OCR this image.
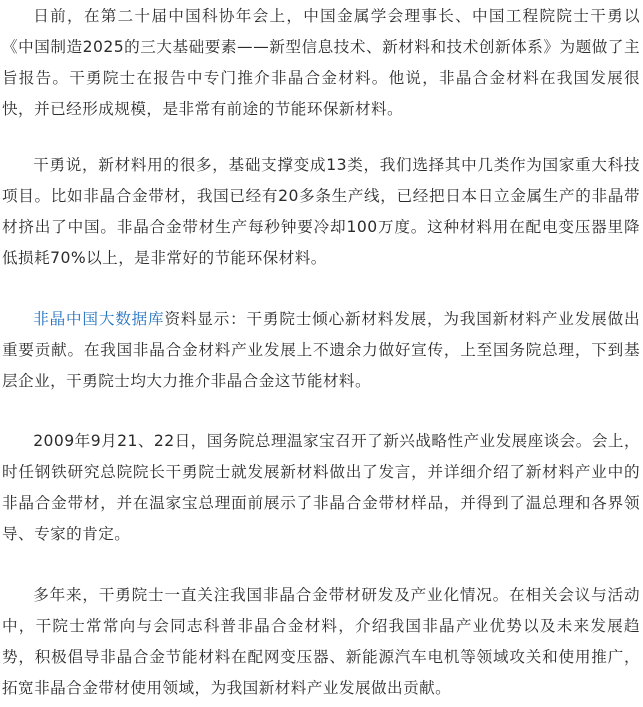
日前，在第二十届中国科协年会上，中国金属学会理事长、中国工程院院士干勇以《中国制造2025的三大基础要素——新型信息技术、新材料和技术创新体系》为题做了主旨报告。干勇院士在报告中专门推介非晶合金材料。他说，非晶合金材料在我国发展很快，并已经形成规模，是非常有前途的节能环保新材料。

干勇说，新材料用的很多，基础支撑变成13类，我们选择其中几类作为国家重大科技项目。比如非晶合金带材，我国已经有20多条生产线，已经把日本日立金属生产的非晶带材挤出了中国。非晶合金带材生产每秒钟要冷却100万度。这种材料用在配电变压器里降低损耗70%以上，是非常好的节能环保材料。

非晶中国大数据库资料显示：干勇院士倾心新材料发展，为我国新材料产业发展做出重要贡献。在我国非晶合金材料产业发展上不遗余力做好宣传，上至国务院总理，下到基层企业，干勇院士均大力推介非晶合金这节能材料。

2009年9月21、22日，国务院总理温家宝召开了新兴战略性产业发展座谈会。会上，时任钢铁研究总院院长干勇院士就发展新材料做出了发言，并详细介绍了新材料产业中的非晶合金带材，并在温家宝总理面前展示了非晶合金带材样品，并得到了温总理和各界领导、专家的肯定。

多年来，干勇院士一直关注我国非晶合金带材研发及产业化情况。在相关会议与活动中，干院士常常向与会同志科普非晶合金材料，介绍我国非晶产业优势以及未来发展趋势，积极倡导非晶合金节能材料在配网变压器、新能源汽车电机等领域攻关和使用推广，拓宽非晶合金带材使用领域，为我国新材料产业发展做出贡献。
